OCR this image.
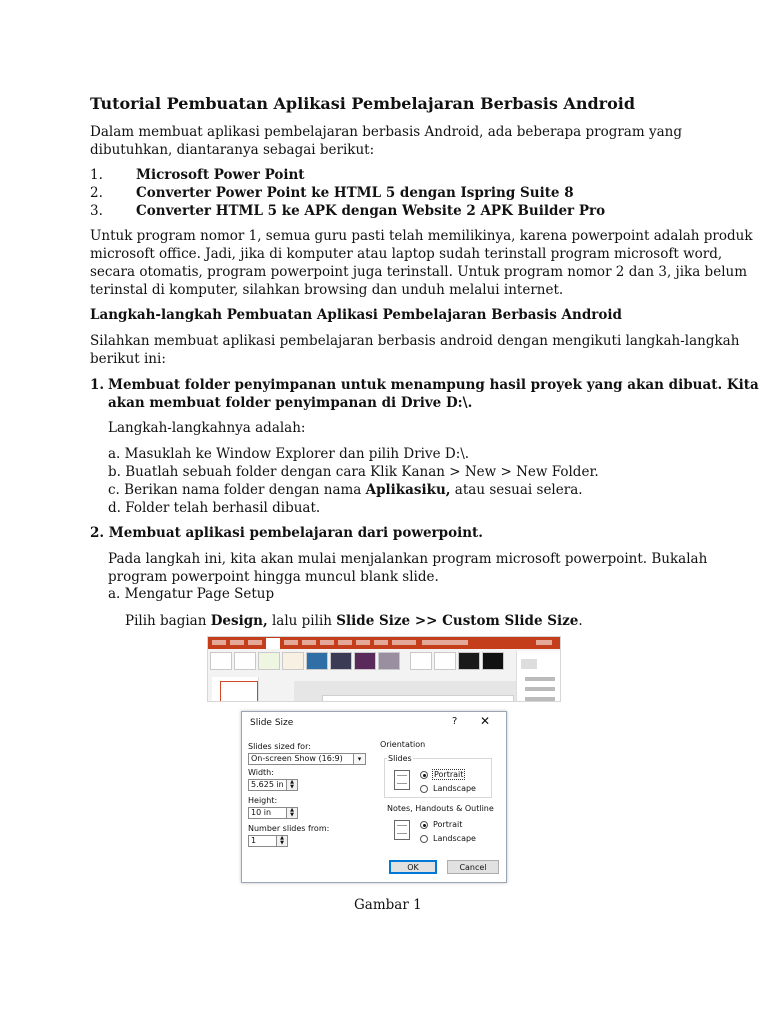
Tutorial Pembuatan Aplikasi Pembelajaran Berbasis Android
Dalam membuat aplikasi pembelajaran berbasis Android, ada beberapa program yang
dibutuhkan, diantaranya sebagai berikut:
1. Microsoft Power Point
2. Converter Power Point ke HTML 5 dengan Ispring Suite 8
3. Converter HTML 5 ke APK dengan Website 2 APK Builder Pro
Untuk program nomor 1, semua guru pasti telah memilikinya, karena powerpoint adalah produk
microsoft office. Jadi, jika di komputer atau laptop sudah terinstall program microsoft word,
secara otomatis, program powerpoint juga terinstall. Untuk program nomor 2 dan 3, jika belum
terinstal di komputer, silahkan browsing dan unduh melalui internet.
Langkah-langkah Pembuatan Aplikasi Pembelajaran Berbasis Android
Silahkan membuat aplikasi pembelajaran berbasis android dengan mengikuti langkah-langkah
berikut ini:
1. Membuat folder penyimpanan untuk menampung hasil proyek yang akan dibuat. Kita
akan membuat folder penyimpanan di Drive D:\.
Langkah-langkahnya adalah:
a. Masuklah ke Window Explorer dan pilih Drive D:\.
b. Buatlah sebuah folder dengan cara Klik Kanan > New > New Folder.
c. Berikan nama folder dengan nama Aplikasiku, atau sesuai selera.
d. Folder telah berhasil dibuat.
2. Membuat aplikasi pembelajaran dari powerpoint.
Pada langkah ini, kita akan mulai menjalankan program microsoft powerpoint. Bukalah
program powerpoint hingga muncul blank slide.
a. Mengatur Page Setup
Pilih bagian Design, lalu pilih Slide Size >> Custom Slide Size.
Slide Size	? ✕
Slides sized for:
On-screen Show (16:9)	▾
Width:
5.625 in	▲
▼
Height:
10 in	▲
▼
Number slides from:
1	▲
▼
Orientation
Slides
Portrait
Landscape
Notes, Handouts & Outline
Portrait
Landscape
OK	Cancel
Gambar 1
